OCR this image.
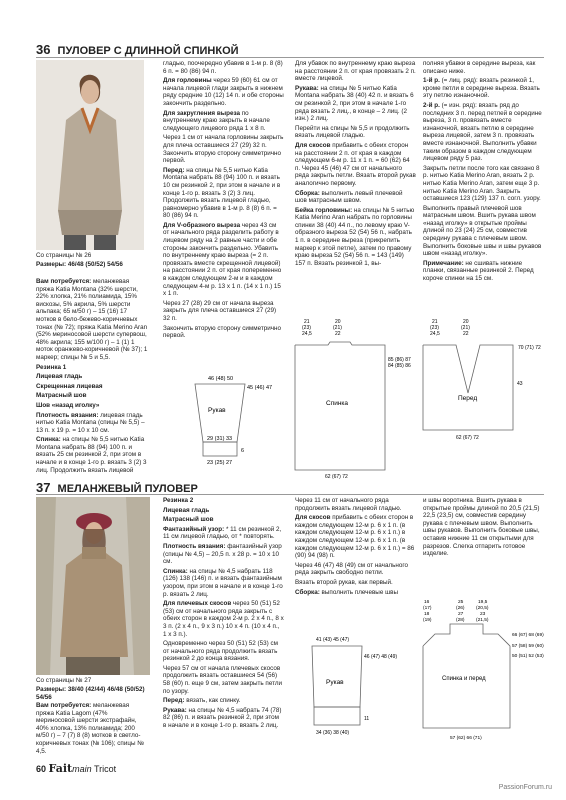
36 ПУЛОВЕР С ДЛИННОЙ СПИНКОЙ
Со страницы № 26
Размеры: 46/48 (50/52) 54/56

Вам потребуется: меланжевая пряжа Katia Montana (32% шерсти, 22% хлопка, 21% полиамида, 15% вискозы, 5% акрила, 5% шерсти альпака; 65 м/50 г) – 15 (16) 17 мотков в бело-бежево-коричневых тонах (№ 72); пряжа Katia Merino Aran (52% мериносовой шерсти супервош, 48% акрила; 155 м/100 г) – 1 (1) 1 моток оранжево-коричневой (№ 37); 1 маркер; спицы № 5 и 5,5.

Резинка 1

Лицевая гладь

Скрещенная лицевая

Матрасный шов

Шов «назад иголку»

Плотность вязания: лицевая гладь нитью Katia Montana (спицы № 5,5) – 13 п. x 19 р. = 10 x 10 см.

Спинка: на спицы № 5,5 нитью Katia Montana набрать 88 (94) 100 п. и вязать 25 см резинкой 2, при этом в начале и в конце 1-го р. вязать 3 (2) 3 лиц. Продолжить вязать лицевой

гладью, поочередно убавив в 1-м р. 8 (8) 6 п. = 80 (86) 94 п.

Для горловины через 59 (60) 61 см от начала лицевой глади закрыть в нижнем ряду средние 10 (12) 14 п. и обе стороны закончить раздельно.

Для закругления выреза по внутреннему краю закрыть в начале следующего лицевого ряда 1 x 8 п.

Через 1 см от начала горловины закрыть для плеча оставшиеся 27 (29) 32 п. Закончить вторую сторону симметрично первой.

Перед: на спицы № 5,5 нитью Katia Montana набрать 88 (94) 100 п. и вязать 10 см резинкой 2, при этом в начале и в конце 1-го р. вязать 3 (2) 3 лиц. Продолжить вязать лицевой гладью, равномерно убавив в 1-м р. 8 (8) 6 п. = 80 (86) 94 п.

Для V-образного выреза через 43 см от начального ряда разделить работу в лицевом ряду на 2 равные части и обе стороны закончить раздельно. Убавить по внутреннему краю выреза (= 2 п. провязать вместе скрещенной лицевой) на расстоянии 2 п. от края попеременно в каждом следующем 2-м и в каждом следующем 4-м р. 13 x 1 п. (14 x 1 п.) 15 x 1 п.

Через 27 (28) 29 см от начала выреза закрыть для плеча оставшиеся 27 (29) 32 п.

Закончить вторую сторону симметрично первой.

Для убавок по внутреннему краю выреза на расстоянии 2 п. от края провязать 2 п. вместе лицевой.

Рукава: на спицы № 5 нитью Katia Montana набрать 38 (40) 42 п. и вязать 6 см резинкой 2, при этом в начале 1-го ряда вязать 2 лиц., в конце – 2 лиц. (2 изн.) 2 лиц.

Перейти на спицы № 5,5 и продолжить вязать лицевой гладью.

Для скосов прибавить с обеих сторон на расстоянии 2 п. от края в каждом следующем 6-м р. 11 x 1 п. = 60 (62) 64 п. Через 45 (46) 47 см от начального ряда закрыть петли. Вязать второй рукав аналогично первому.

Сборка: выполнить левый плечевой шов матрасным швом.

Бейка горловины: на спицы № 5 нитью Katia Merino Aran набрать по горловины спинки 38 (40) 44 п., по левому краю V-образного выреза 52 (54) 56 п., набрать 1 п. в середине выреза (прикрепить маркер к этой петле), затем по правому краю выреза 52 (54) 56 п. = 143 (149) 157 п. Вязать резинкой 1, вы-

полняя убавки в середине выреза, как описано ниже.

1-й р. (= лиц. ряд): вязать резинкой 1, кроме петли в середине выреза. Вязать эту петлю изнаночной.

2-й р. (= изн. ряд): вязать ряд до последних 3 п. перед петлей в середине выреза, 3 п. провязать вместе изнаночной, вязать петлю в середине выреза лицевой, затем 3 п. провязать вместе изнаночной. Выполнить убавки таким образом в каждом следующем лицевом ряду 5 раз.

Закрыть петли после того как связано 8 р. нитью Katia Merino Aran, вязать 2 р. нитью Katia Merino Aran, затем еще 3 р. нитью Katia Merino Aran. Закрыть оставшиеся 123 (129) 137 п. согл. узору.

Выполнить правый плечевой шов матрасным швом. Вшить рукава швом «назад иголку» в открытые проймы длиной по 23 (24) 25 см, совместив середину рукава с плечевым швом. Выполнить боковые швы и швы рукавов швом «назад иголку».

Примечание: не сшивать нижние планки, связанные резинкой 2. Перед короче спинки на 15 см.

46 (48) 50
45 (46) 47
Рукав
29 (31) 33
6
23 (25) 27
21 (23) 24,5
20 (21) 22
85 (86) 87 84 (85) 86
Спинка
62 (67) 72
21 (23) 24,5
20 (21) 22
70 (71) 72
43
Перед
62 (67) 72
37 МЕЛАНЖЕВЫЙ ПУЛОВЕР
Со страницы № 27
Размеры: 38/40 (42/44) 46/48 (50/52) 54/56

Вам потребуется: меланжевая пряжа Katia Lagom (47% мериносовой шерсти экстрафайн, 40% хлопка, 13% полиамида; 200 м/50 г) – 7 (7) 8 (8) мотков в светло-коричневых тонах (№ 106); спицы № 4,5.

Резинка 2

Лицевая гладь

Матрасный шов

Фантазийный узор: * 11 см резинкой 2, 11 см лицевой гладью, от * повторять.

Плотность вязания: фантазийный узор (спицы № 4,5) – 20,5 п. x 28 р. = 10 x 10 см.

Спинка: на спицы № 4,5 набрать 118 (126) 138 (146) п. и вязать фантазийным узором, при этом в начале и в конце 1-го р. вязать 2 лиц.

Для плечевых скосов через 50 (51) 52 (53) см от начального ряда закрыть с обеих сторон в каждом 2-м р. 2 x 4 п., 8 x 3 п. (2 x 4 п., 9 x 3 п.) 10 x 4 п. (10 x 4 п., 1 x 3 п.).

Одновременно через 50 (51) 52 (53) см от начального ряда продолжить вязать резинкой 2 до конца вязания.

Через 57 см от начала плечевых скосов продолжить вязать оставшиеся 54 (56) 58 (60) п. еще 9 см, затем закрыть петли по узору.

Перед: вязать, как спинку.

Рукава: на спицы № 4,5 набрать 74 (78) 82 (86) п. и вязать резинкой 2, при этом в начале и в конце 1-го р. вязать 2 лиц.

Через 11 см от начального ряда продолжить вязать лицевой гладью.

Для скосов прибавить с обеих сторон в каждом следующем 12-м р. 6 x 1 п. (в каждом следующем 12-м р. 6 x 1 п.) в каждом следующем 12-м р. 6 x 1 п. (в каждом следующем 12-м р. 6 x 1 п.) = 86 (90) 94 (98) п.

Через 46 (47) 48 (49) см от начального ряда закрыть свободно петли.

Вязать второй рукав, как первый.

Сборка: выполнить плечевые швы

и швы воротника. Вшить рукава в открытые проймы длиной по 20,5 (21,5) 22,5 (23,5) см, совместив середину рукава с плечевым швом. Выполнить швы рукавов. Выполнить боковые швы, оставив нижние 11 см открытыми для разрезов. Слегка отпарить готовое изделие.

41 (43) 45 (47)
46 (47) 48 (49)
Рукав
11
34 (36) 38 (40)
16 (17) 18 (19)
25 (26) 27 (28)
19,5 (20,5) 23 (21,5)
66 (67) 68 (69)
57 (58) 59 (60)
50 (51) 52 (53)
Спинка и перед
57 (62) 66 (71)
60 Faitmain Tricot
PassionForum.ru
